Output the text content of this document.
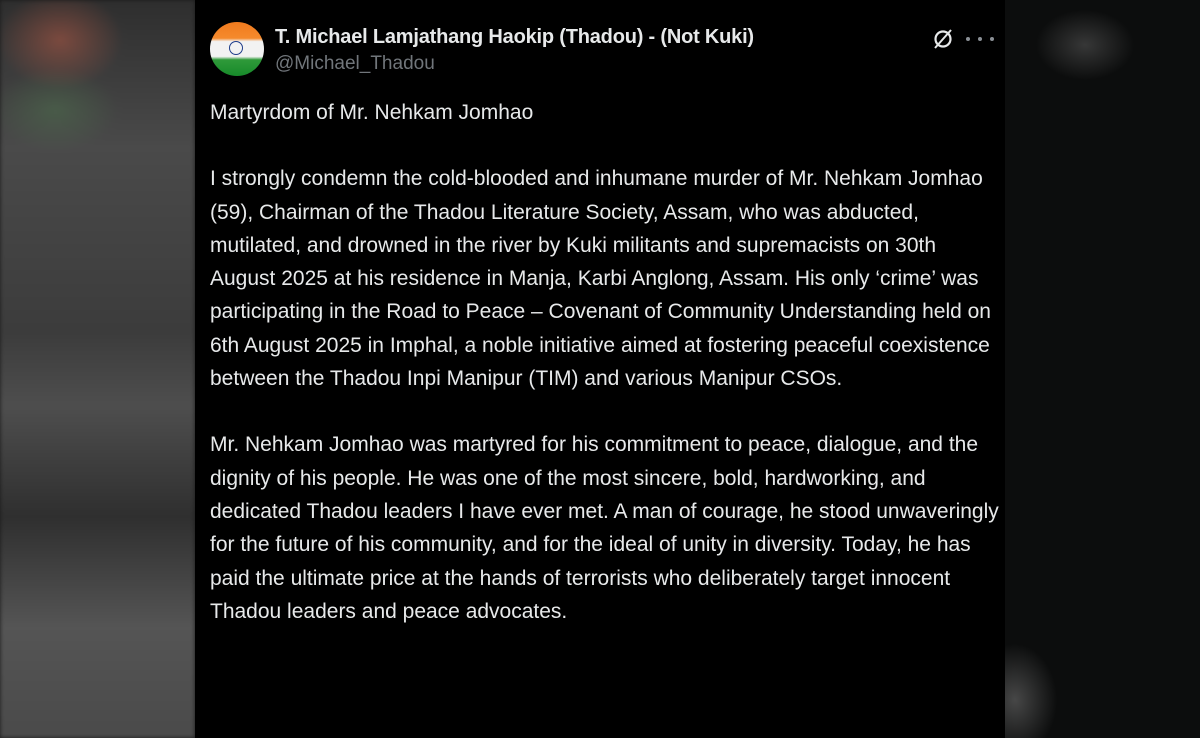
T. Michael Lamjathang Haokip (Thadou) - (Not Kuki)
@Michael_Thadou

Martyrdom of Mr. Nehkam Jomhao

I strongly condemn the cold-blooded and inhumane murder of Mr. Nehkam Jomhao (59), Chairman of the Thadou Literature Society, Assam, who was abducted, mutilated, and drowned in the river by Kuki militants and supremacists on 30th August 2025 at his residence in Manja, Karbi Anglong, Assam. His only ‘crime’ was participating in the Road to Peace – Covenant of Community Understanding held on 6th August 2025 in Imphal, a noble initiative aimed at fostering peaceful coexistence between the Thadou Inpi Manipur (TIM) and various Manipur CSOs.

Mr. Nehkam Jomhao was martyred for his commitment to peace, dialogue, and the dignity of his people. He was one of the most sincere, bold, hardworking, and dedicated Thadou leaders I have ever met. A man of courage, he stood unwaveringly for the future of his community, and for the ideal of unity in diversity. Today, he has paid the ultimate price at the hands of terrorists who deliberately target innocent Thadou leaders and peace advocates.
